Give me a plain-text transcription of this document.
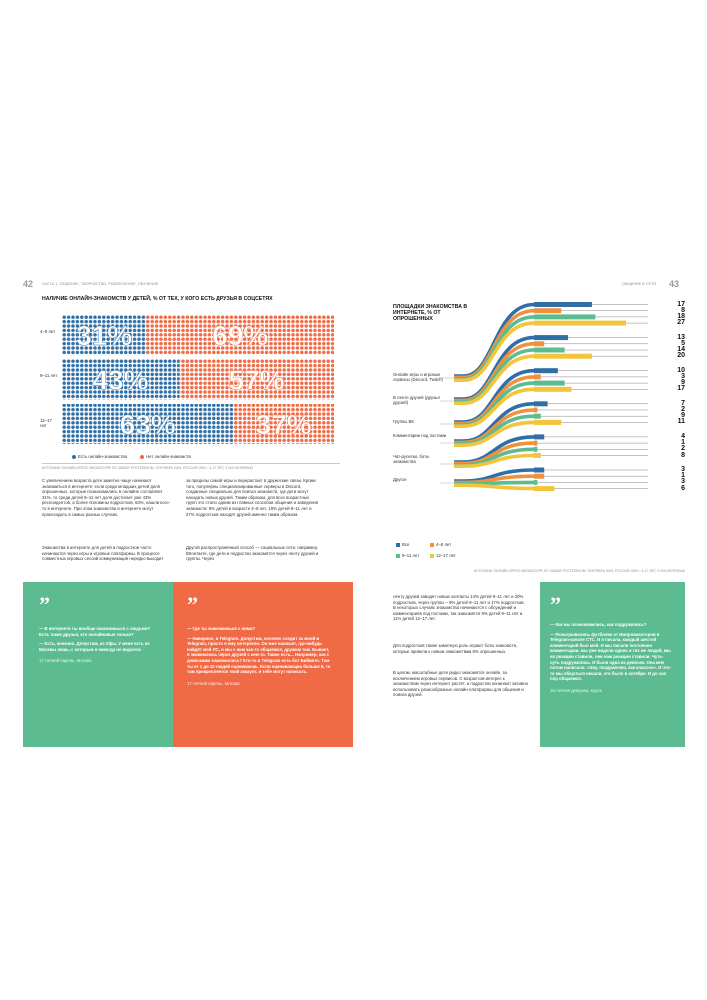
42 ЧАСТЬ 1. ОБЩЕНИЕ, ТВОРЧЕСТВО, РАЗВЛЕЧЕНИЕ, ОБУЧЕНИЕ	ОБЩЕНИЕ В СЕТИ 43
НАЛИЧИЕ ОНЛАЙН-ЗНАКОМСТВ У ДЕТЕЙ, % ОТ ТЕХ, У КОГО ЕСТЬ ДРУЗЬЯ В СОЦСЕТЯХ
4–8 лет
9–11 лет
12–17 лет
31%	69%
43%	57%
63%	37%
Есть онлайн-знакомства	Нет онлайн-знакомств
ИСТОЧНИК: ОНЛАЙН-ОПРОС MEDIASCOPE ПО ЗАКАЗУ РОСТЕЛЕКОМ, СЕНТЯБРЬ 2024, РОССИЯ 100К+, 4–17 ЛЕТ, 3 033 ИНТЕРВЬЮ
С увеличением возраста дети заметно чаще начинают знакомиться в интернете: если среди младших детей доля опрошенных, которые познакомились в онлайне составляет 31%, то среди детей 9–11 лет доля достигает уже 43% респондентов, а более половины подростков, 63%, нашли кого-то в интернете. При этом знакомства в интернете могут происходить в самых разных случаях.
Знакомства в интернете для детей и подростков часто начинаются через игры и игровые платформы. В процессе совместных игровых сессий коммуникация нередко выходит
за пределы самой игры и перерастает в дружеские связи. Кроме того, популярны специализированные серверы в Discord, созданные специально для поиска знакомств, где дети могут находить новых друзей. Таким образом, для всех возрастных групп это стало одним из главных способов общения и заведения знакомств: 8% детей в возрасте 4–8 лет, 18% детей 9–11 лет и 27% подростков находят друзей именно таким образом.
Другой распространённый способ — социальные сети, например, ВКонтакте, где дети и подростки знакомятся через ленту друзей и группы. Через
”

— В интернете ты вообще знакомишься с людьми? Есть такие друзья, кто онлайновые только?

— Есть, конечно. Допустим, из Уфы. У меня есть из Москвы лишь, с которым я никогда не виделся.

17-летний парень, Москва

”

— Где ты знакомишься с ними?

— Наверное, в Telegram. Допустим, человек следит за мной в Telegram, просто я ему интересен. Он мне напишет, где-нибудь найдёт мой ЛС, и мы с ним как-то общаемся, дружим там. Бывает, я знакомлюсь через друзей с кем-то. Также есть... Например, как с девочками знакомились? Кто-то в Telegram есть бот Бибинто. Там ты от 1 до 10 людей оцениваешь. Если оценивающих больше 6, то там прикрепляется твой аккаунт, и тебе могут написать.

17-летний парень, Москва

ПЛОЩАДКИ ЗНАКОМСТВА В ИНТЕРНЕТЕ, % ОТ ОПРОШЕННЫХ
Онлайн игры и игровые сервисы (Discord, Twitch)
В ленте друзей (друзья друзей)
Группы ВК
Комментарии под постами
Чат-рулетки, боты знакомства
Другое
17
8
18
27
13
5
14
20
10
3
9
17
7
2
9
11
4
1
2
8
3
1
3
6
Все	4–8 лет
9–11 лет	12–17 лет
ИСТОЧНИК: ОНЛАЙН-ОПРОС MEDIASCOPE ПО ЗАКАЗУ РОСТЕЛЕКОМ, СЕНТЯБРЬ 2024, РОССИЯ 100К+, 4–17 ЛЕТ, 3 033 ИНТЕРВЬЮ
ленту друзей заводят новые контакты 14% детей 9–11 лет и 20% подростков, через группы – 9% детей 9–11 лет и 17% подростков. В некоторых случаях знакомства начинаются с обсуждений и комментариев под постами, так знакомятся 9% детей 9–11 лет и 11% детей 12–17 лет.
Для подростков также заметную роль играют боты знакомств, которые привели к новым знакомствам 8% опрошенных.
В целом, масштабные дети редко знакомятся онлайн, за исключением игровых сервисов. С возрастом интерес к знакомствам через интернет растёт, и подростки начинают активно использовать разнообразные онлайн-платформы для общения и поиска друзей.
”

— Как вы познакомились, как подружились?

— Разыгрывались футболки от Импровизаторов в Telegram-канале СТС. И я писала, каждый шестой комментарий был мой. И мы писали постоянно комментарии, мы уже видели одних и тех же людей, мы их реакции ставили, они нам реакции ставили. Чуть-чуть подружились. И были одна из девочек. Она мне потом написала: «Эву, поздравляю, как классно». И что-то мы общаться начали, это было в октябре. И до сих пор общаемся.

15-летняя девушка, Курск
